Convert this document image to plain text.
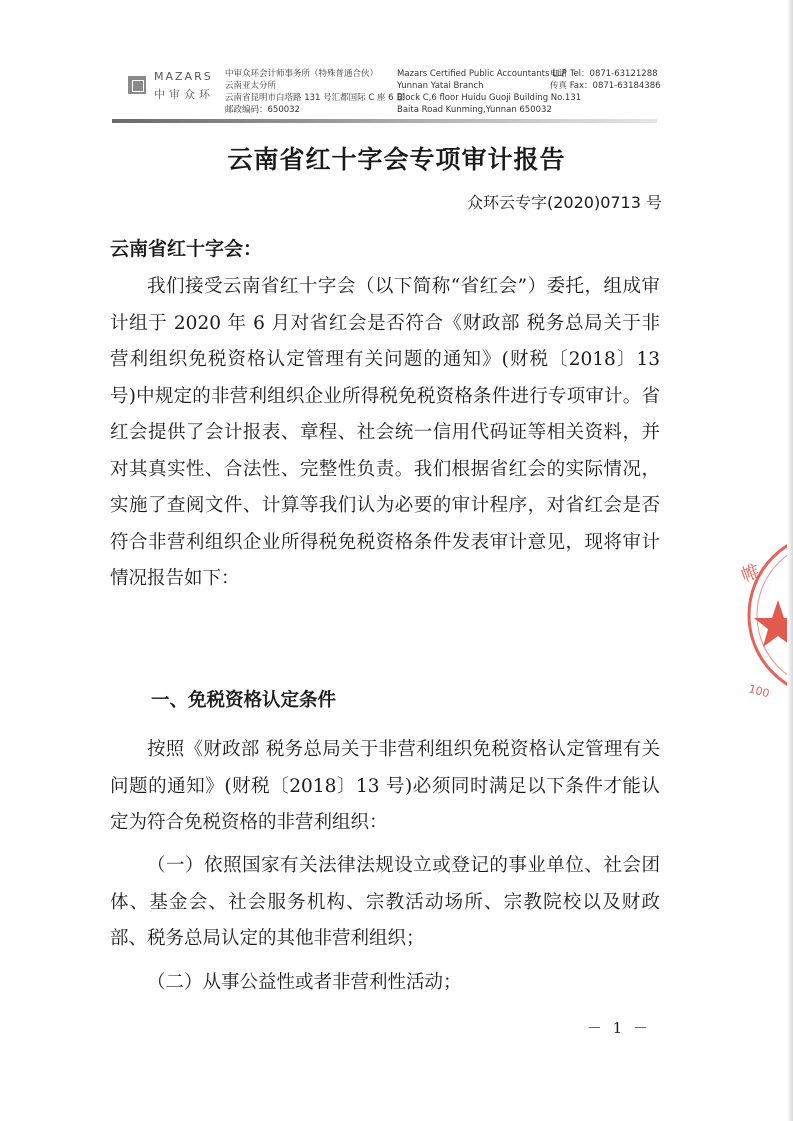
MAZARS
中审众环
中审众环会计师事务所（特殊普通合伙）
云南亚太分所
云南省昆明市白塔路 131 号汇都国际 C 座 6 层
邮政编码：650032
Mazars Certified Public Accountants LLP
Yunnan Yatai Branch
Block C,6 floor Huidu Guoji Building No.131
Baita Road Kunming,Yunnan 650032
电话 Tel：0871-63121288
传真 Fax：0871-63184386
云南省红十字会专项审计报告
众环云专字(2020)0713 号
云南省红十字会：
我们接受云南省红十字会（以下简称“省红会”）委托，组成审计组于 2020 年 6 月对省红会是否符合《财政部 税务总局关于非营利组织免税资格认定管理有关问题的通知》(财税〔2018〕13 号)中规定的非营利组织企业所得税免税资格条件进行专项审计。省红会提供了会计报表、章程、社会统一信用代码证等相关资料，并对其真实性、合法性、完整性负责。我们根据省红会的实际情况，实施了查阅文件、计算等我们认为必要的审计程序，对省红会是否符合非营利组织企业所得税免税资格条件发表审计意见，现将审计情况报告如下：
一、免税资格认定条件
按照《财政部 税务总局关于非营利组织免税资格认定管理有关问题的通知》(财税〔2018〕13 号)必须同时满足以下条件才能认定为符合免税资格的非营利组织：
（一）依照国家有关法律法规设立或登记的事业单位、社会团体、基金会、社会服务机构、宗教活动场所、宗教院校以及财政部、税务总局认定的其他非营利组织；
（二）从事公益性或者非营利性活动；
－ 1 －
帷
100
